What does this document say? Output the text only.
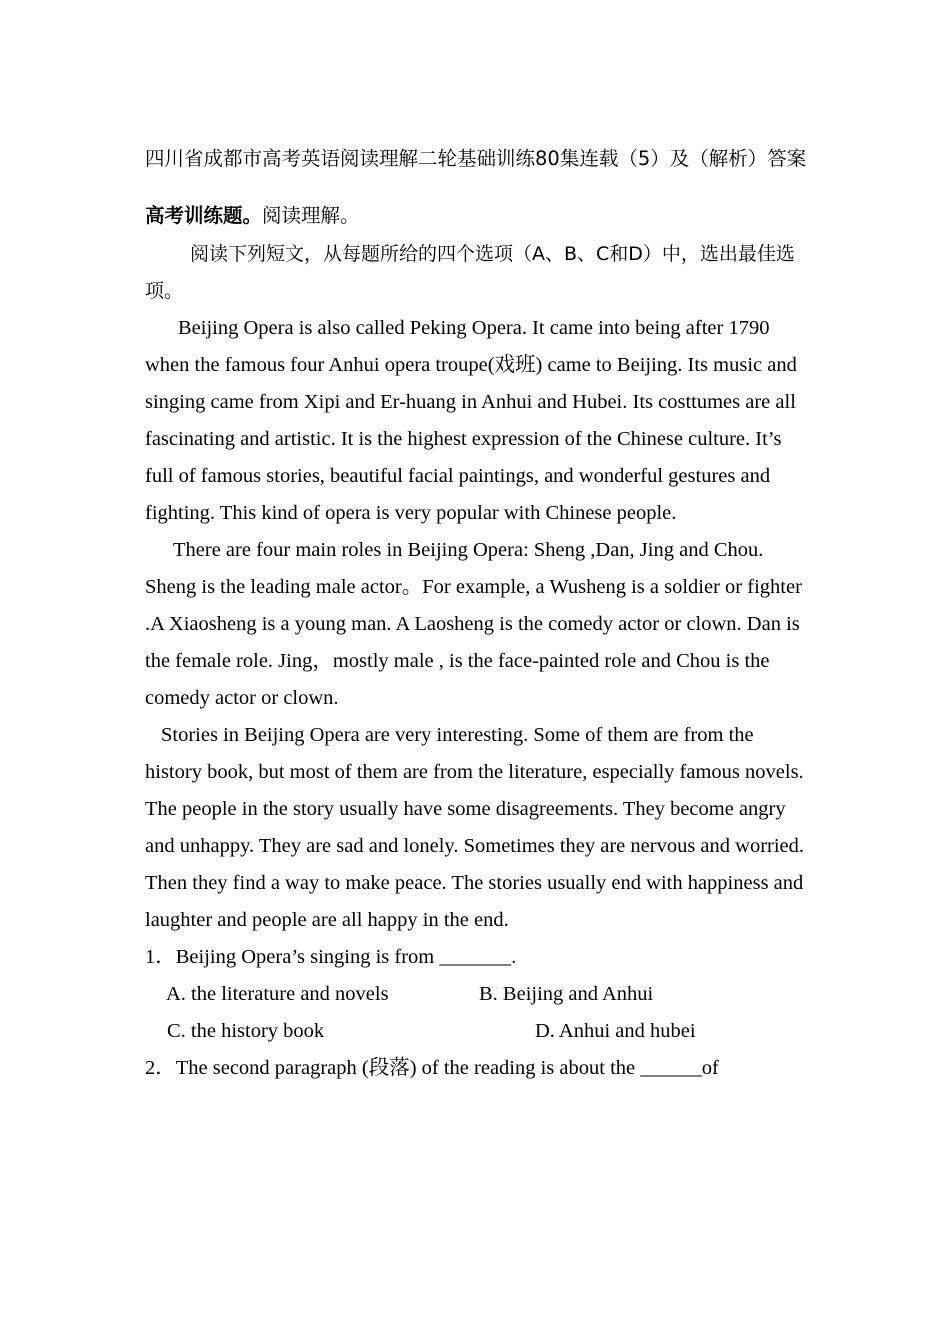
四川省成都市高考英语阅读理解二轮基础训练80集连载（5）及（解析）答案
高考训练题。阅读理解。

阅读下列短文，从每题所给的四个选项（A、B、C和D）中，选出最佳选项。

Beijing Opera is also called Peking Opera. It came into being after 1790 when the famous four Anhui opera troupe(戏班) came to Beijing. Its music and singing came from Xipi and Er-huang in Anhui and Hubei. Its costtumes are all fascinating and artistic. It is the highest expression of the Chinese culture. It’s full of famous stories, beautiful facial paintings, and wonderful gestures and fighting. This kind of opera is very popular with Chinese people.

There are four main roles in Beijing Opera: Sheng ,Dan, Jing and Chou. Sheng is the leading male actor。For example, a Wusheng is a soldier or fighter .A Xiaosheng is a young man. A Laosheng is the comedy actor or clown. Dan is the female role. Jing，mostly male , is the face-painted role and Chou is the comedy actor or clown.

Stories in Beijing Opera are very interesting. Some of them are from the history book, but most of them are from the literature, especially famous novels. The people in the story usually have some disagreements. They become angry and unhappy. They are sad and lonely. Sometimes they are nervous and worried. Then they find a way to make peace. The stories usually end with happiness and laughter and people are all happy in the end.

1．Beijing Opera’s singing is from _______.

A. the literature and novels	B. Beijing and Anhui
C. the history book	D. Anhui and hubei

2．The second paragraph (段落) of the reading is about the ______of
